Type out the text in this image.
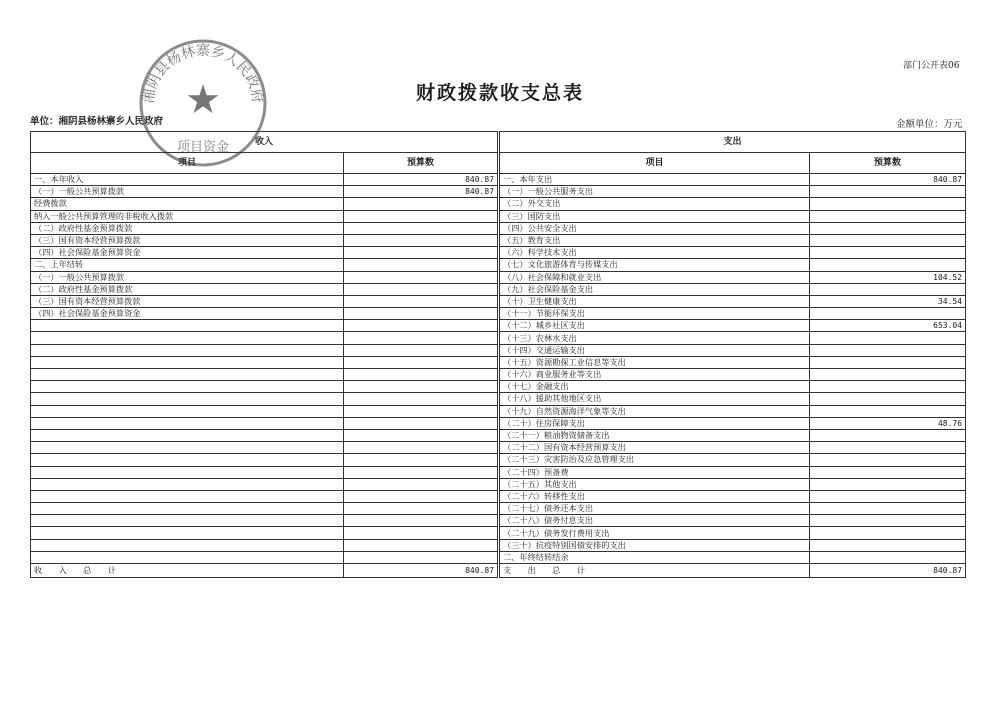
部门公开表06
财政拨款收支总表
单位：湘阴县杨林寨乡人民政府	金额单位：万元
湘阴县杨林寨乡人民政府
★
项目资金	收入		支出	
项目	预算数	项目	预算数
一、本年收入	840.87	一、本年支出	840.87
（一）一般公共预算拨款	840.87	（一）一般公共服务支出	
经费拨款		（二）外交支出	
纳入一般公共预算管理的非税收入拨款		（三）国防支出	
（二）政府性基金预算拨款		（四）公共安全支出	
（三）国有资本经营预算拨款		（五）教育支出	
（四）社会保险基金预算资金		（六）科学技术支出	
二、上年结转		（七）文化旅游体育与传媒支出	
（一）一般公共预算拨款		（八）社会保障和就业支出	104.52
（二）政府性基金预算拨款		（九）社会保险基金支出	
（三）国有资本经营预算拨款		（十）卫生健康支出	34.54
（四）社会保险基金预算资金		（十一）节能环保支出	
		（十二）城乡社区支出	653.04
		（十三）农林水支出	
		（十四）交通运输支出	
		（十五）资源勘探工业信息等支出	
		（十六）商业服务业等支出	
		（十七）金融支出	
		（十八）援助其他地区支出	
		（十九）自然资源海洋气象等支出	
		（二十）住房保障支出	48.76
		（二十一）粮油物资储备支出	
		（二十二）国有资本经营预算支出	
		（二十三）灾害防治及应急管理支出	
		（二十四）预备费	
		（二十五）其他支出	
		（二十六）转移性支出	
		（二十七）债务还本支出	
		（二十八）债务付息支出	
		（二十九）债务发行费用支出	
		（三十）抗疫特别国债安排的支出	
		二、年终结转结余	
收　　入　　总　　计	840.87	支　　出　　总　　计	840.87
